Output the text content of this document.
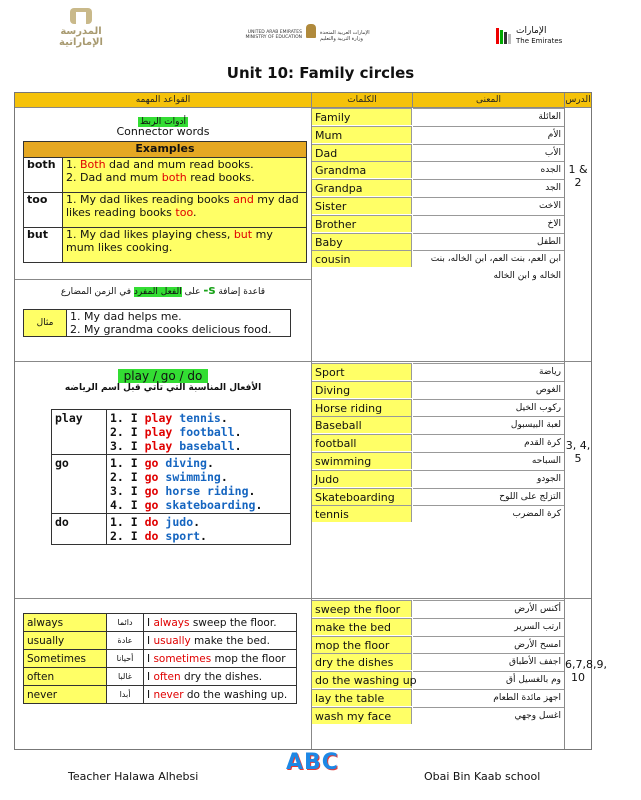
المدرسة الإماراتية
UNITED ARAB EMIRATES
MINISTRY OF EDUCATION
الإمارات العربية المتحدة
وزارة التربية والتعليم
الإمارات
The Emirates
Unit 10: Family circles
القواعد المهمه	الكلمات	المعنى	الدرس
أدوات الربط
Connector words
Examples	
both	1. Both dad and mum read books.
2. Dad and mum both read books.

too	1. My dad likes reading books and my dad likes reading books too.

but	1. My dad likes playing chess, but my mum likes cooking.
Family	العائلة
Mum	الأم
Dad	الأب
Grandma	الجده
Grandpa	الجد
Sister	الاخت
Brother	الاخ
Baby	الطفل
cousin	ابن العم، بنت العم، ابن الخاله، بنت الخاله و ابن الخاله
1 & 2
قاعدة إضافة s- على الفعل المفرد في الزمن المضارع
مثال	1. My dad helps me.
2. My grandma cooks delicious food.
play / go / do
الأفعال المناسبة التي تأتي قبل اسم الرياضه
play	1. I play tennis.
2. I play football.
3. I play baseball.

go	1. I go diving.
2. I go swimming.
3. I go horse riding.
4. I go skateboarding.

do	1. I do judo.
2. I do sport.
Sport	رياضة
Diving	الغوص
Horse riding	ركوب الخيل
Baseball	لعبة البيسبول
football	كرة القدم
swimming	السباحه
Judo	الجودو
Skateboarding	التزلج على اللوح
tennis	كرة المضرب
3, 4, 5
always	دائما	I always sweep the floor.
usually	عادة	I usually make the bed.
Sometimes	أحيانا	I sometimes mop the floor
often	غالبا	I often dry the dishes.
never	أبدا	I never do the washing up.
sweep the floor	أكنس الأرض
make the bed	ارتب السرير
mop the floor	امسح الأرض
dry the dishes	اجفف الأطباق
do the washing up	وم بالغسيل أق
lay the table	اجهز مائدة الطعام
wash my face	اغسل وجهي
6,7,8,9, 10
Teacher Halawa Alhebsi
ABC
Obai Bin Kaab school
